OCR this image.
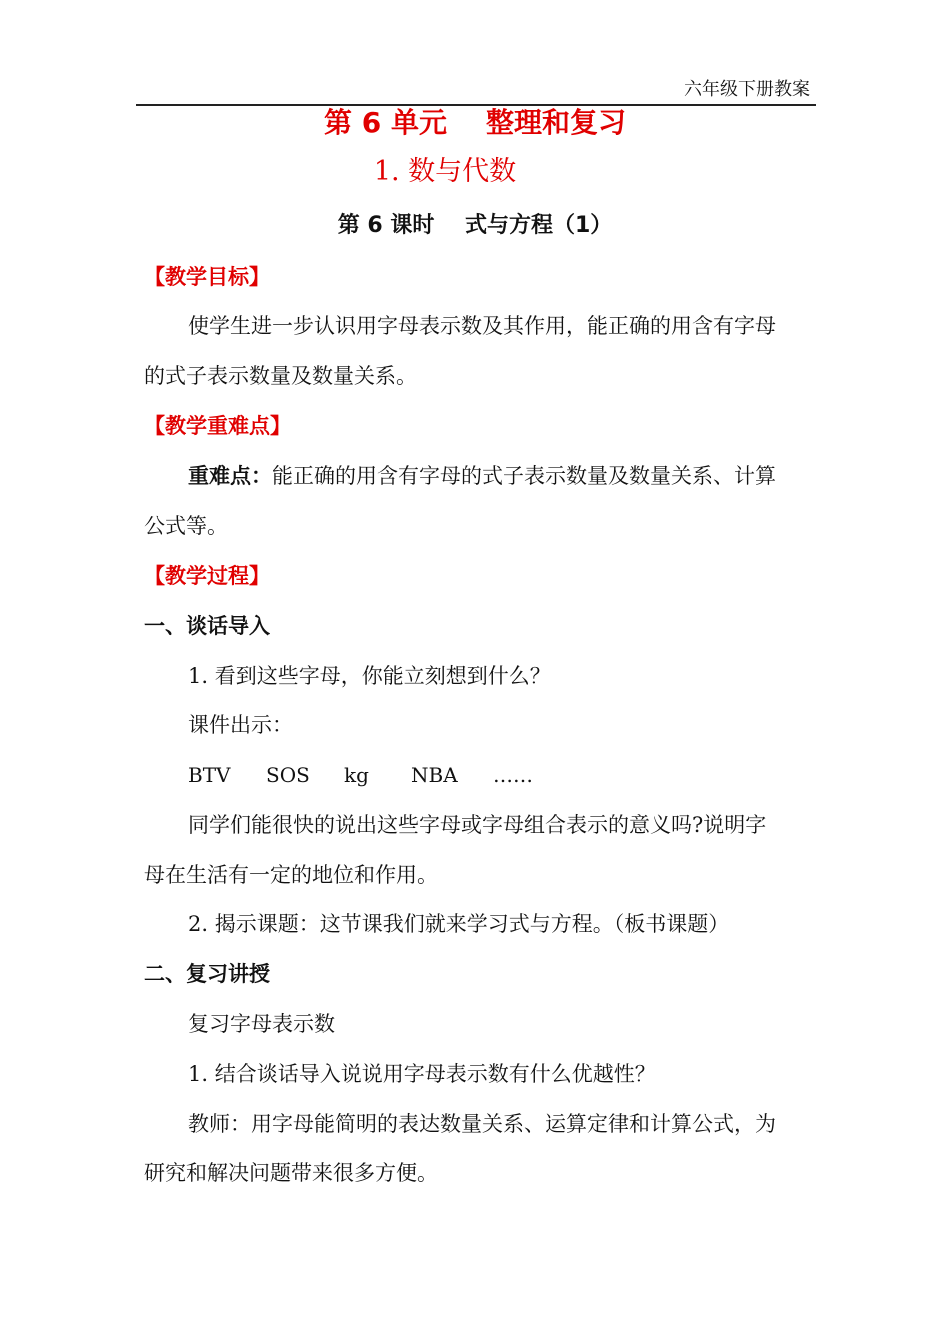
六年级下册教案
第 6 单元    整理和复习
1. 数与代数
第 6 课时    式与方程（1）
【教学目标】
使学生进一步认识用字母表示数及其作用，能正确的用含有字母
的式子表示数量及数量关系。
【教学重难点】
重难点：能正确的用含有字母的式子表示数量及数量关系、计算
公式等。
【教学过程】
一、谈话导入
1. 看到这些字母，你能立刻想到什么？
课件出示：
BTV SOS kg NBA ……
同学们能很快的说出这些字母或字母组合表示的意义吗?说明字
母在生活有一定的地位和作用。
2. 揭示课题：这节课我们就来学习式与方程。（板书课题）
二、复习讲授
复习字母表示数
1. 结合谈话导入说说用字母表示数有什么优越性？
教师：用字母能简明的表达数量关系、运算定律和计算公式，为
研究和解决问题带来很多方便。
